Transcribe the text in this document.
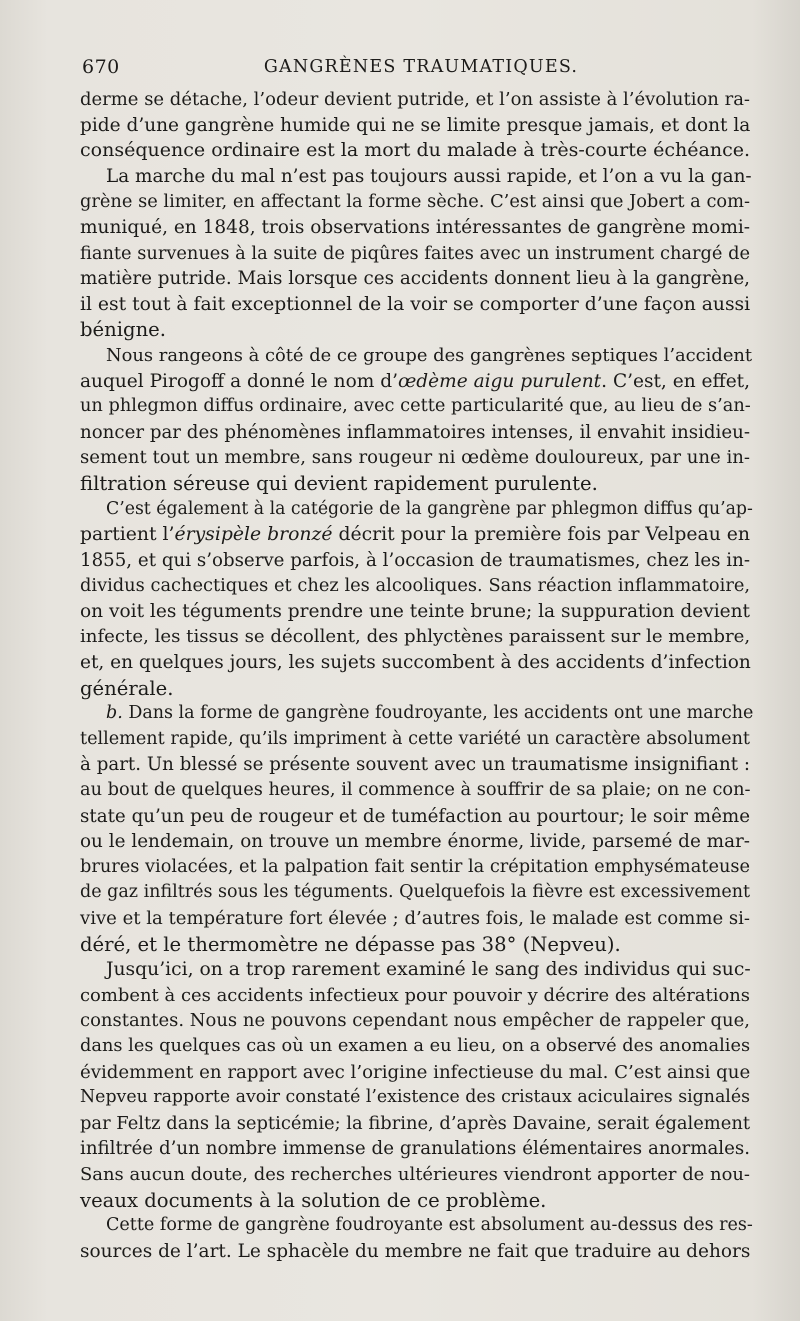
670	GANGRÈNES TRAUMATIQUES.

derme se détache, l’odeur devient putride, et l’on assiste à l’évolution ra-
pide d’une gangrène humide qui ne se limite presque jamais, et dont la
conséquence ordinaire est la mort du malade à très-courte échéance.

La marche du mal n’est pas toujours aussi rapide, et l’on a vu la gan-
grène se limiter, en affectant la forme sèche. C’est ainsi que Jobert a com-
muniqué, en 1848, trois observations intéressantes de gangrène momi-
fiante survenues à la suite de piqûres faites avec un instrument chargé de
matière putride. Mais lorsque ces accidents donnent lieu à la gangrène,
il est tout à fait exceptionnel de la voir se comporter d’une façon aussi
bénigne.

Nous rangeons à côté de ce groupe des gangrènes septiques l’accident
auquel Pirogoff a donné le nom d’œdème aigu purulent. C’est, en effet,
un phlegmon diffus ordinaire, avec cette particularité que, au lieu de s’an-
noncer par des phénomènes inflammatoires intenses, il envahit insidieu-
sement tout un membre, sans rougeur ni œdème douloureux, par une in-
filtration séreuse qui devient rapidement purulente.

C’est également à la catégorie de la gangrène par phlegmon diffus qu’ap-
partient l’érysipèle bronzé décrit pour la première fois par Velpeau en
1855, et qui s’observe parfois, à l’occasion de traumatismes, chez les in-
dividus cachectiques et chez les alcooliques. Sans réaction inflammatoire,
on voit les téguments prendre une teinte brune; la suppuration devient
infecte, les tissus se décollent, des phlyctènes paraissent sur le membre,
et, en quelques jours, les sujets succombent à des accidents d’infection
générale.

b. Dans la forme de gangrène foudroyante, les accidents ont une marche
tellement rapide, qu’ils impriment à cette variété un caractère absolument
à part. Un blessé se présente souvent avec un traumatisme insignifiant :
au bout de quelques heures, il commence à souffrir de sa plaie; on ne con-
state qu’un peu de rougeur et de tuméfaction au pourtour; le soir même
ou le lendemain, on trouve un membre énorme, livide, parsemé de mar-
brures violacées, et la palpation fait sentir la crépitation emphysémateuse
de gaz infiltrés sous les téguments. Quelquefois la fièvre est excessivement
vive et la température fort élevée ; d’autres fois, le malade est comme si-
déré, et le thermomètre ne dépasse pas 38° (Nepveu).

Jusqu’ici, on a trop rarement examiné le sang des individus qui suc-
combent à ces accidents infectieux pour pouvoir y décrire des altérations
constantes. Nous ne pouvons cependant nous empêcher de rappeler que,
dans les quelques cas où un examen a eu lieu, on a observé des anomalies
évidemment en rapport avec l’origine infectieuse du mal. C’est ainsi que
Nepveu rapporte avoir constaté l’existence des cristaux aciculaires signalés
par Feltz dans la septicémie; la fibrine, d’après Davaine, serait également
infiltrée d’un nombre immense de granulations élémentaires anormales.
Sans aucun doute, des recherches ultérieures viendront apporter de nou-
veaux documents à la solution de ce problème.

Cette forme de gangrène foudroyante est absolument au-dessus des res-
sources de l’art. Le sphacèle du membre ne fait que traduire au dehors
